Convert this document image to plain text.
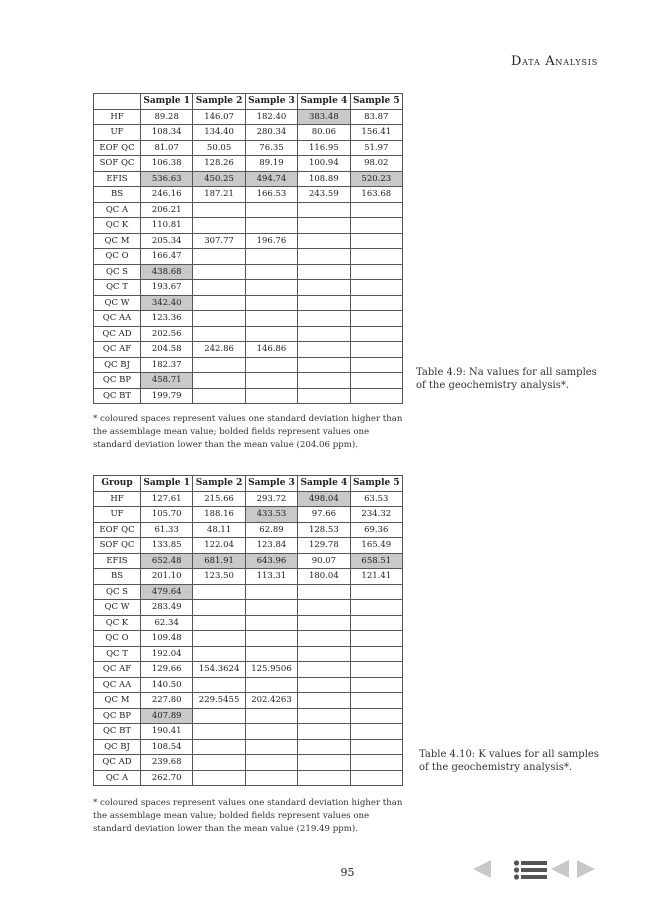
Data Analysis
	Sample 1	Sample 2	Sample 3	Sample 4	Sample 5
HF	89.28	146.07	182.40	383.48	83.87
UF	108.34	134.40	280.34	80.06	156.41
EOF QC	81.07	50.05	76.35	116.95	51.97
SOF QC	106.38	128.26	89.19	100.94	98.02
EFIS	536.63	450.25	494.74	108.89	520.23
BS	246.16	187.21	166.53	243.59	163.68
QC A	206.21				
QC K	110.81				
QC M	205.34	307.77	196.76		
QC O	166.47				
QC S	438.68				
QC T	193.67				
QC W	342.40				
QC AA	123.36				
QC AD	202.56				
QC AF	204.58	242.86	146.86		
QC BJ	182.37				
QC BP	458.71				
QC BT	199.79				
* coloured spaces represent values one standard deviation higher than the assemblage mean value; bolded fields represent values one standard deviation lower than the mean value (204.06 ppm).
Table 4.9: Na values for all samples of the geochemistry analysis*.
Group	Sample 1	Sample 2	Sample 3	Sample 4	Sample 5
HF	127.61	215.66	293.72	498.04	63.53
UF	105.70	188.16	433.53	97.66	234.32
EOF QC	61.33	48.11	62.89	128.53	69.36
SOF QC	133.85	122.04	123.84	129.78	165.49
EFIS	652.48	681.91	643.96	90.07	658.51
BS	201.10	123.50	113.31	180.04	121.41
QC S	479.64				
QC W	283.49				
QC K	62.34				
QC O	109.48				
QC T	192.04				
QC AF	129.66	154.3624	125.9506		
QC AA	140.50				
QC M	227.80	229.5455	202.4263		
QC BP	407.89				
QC BT	190.41				
QC BJ	108.54				
QC AD	239.68				
QC A	262.70				
* coloured spaces represent values one standard deviation higher than the assemblage mean value; bolded fields represent values one standard deviation lower than the mean value (219.49 ppm).
Table 4.10: K values for all samples of the geochemistry analysis*.
95
